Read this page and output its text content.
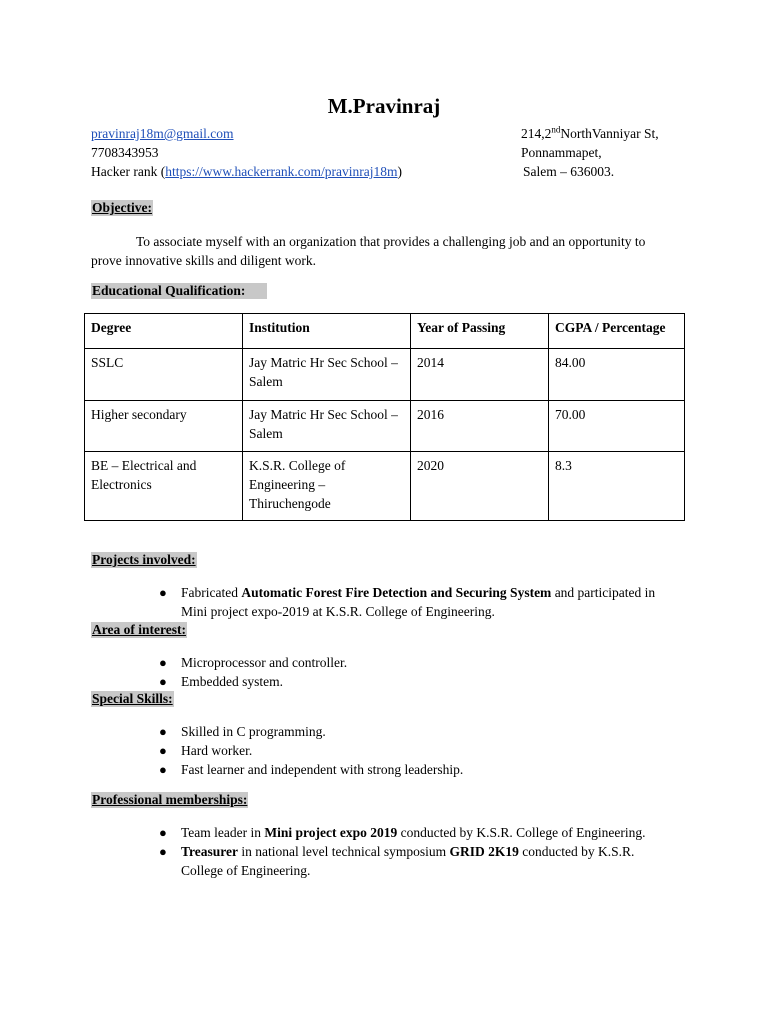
M.Pravinraj
pravinraj18m@gmail.com
7708343953
Hacker rank (https://www.hackerrank.com/pravinraj18m)
214,2ndNorthVanniyar St,
Ponnammapet,
Salem – 636003.
Objective:
To associate myself with an organization that provides a challenging job and an opportunity to
prove innovative skills and diligent work.
Educational Qualification:
Degree	Institution	Year of Passing	CGPA / Percentage
SSLC	Jay Matric Hr Sec School – Salem	2014	84.00
Higher secondary	Jay Matric Hr Sec School – Salem	2016	70.00
BE – Electrical and Electronics	K.S.R. College of Engineering – Thiruchengode	2020	8.3
Projects involved:
● Fabricated Automatic Forest Fire Detection and Securing System and participated in
Mini project expo-2019 at K.S.R. College of Engineering.
Area of interest:
● Microprocessor and controller.
● Embedded system.
Special Skills:
● Skilled in C programming.
● Hard worker.
● Fast learner and independent with strong leadership.
Professional memberships:
● Team leader in Mini project expo 2019 conducted by K.S.R. College of Engineering.
● Treasurer in national level technical symposium GRID 2K19 conducted by K.S.R.
College of Engineering.
